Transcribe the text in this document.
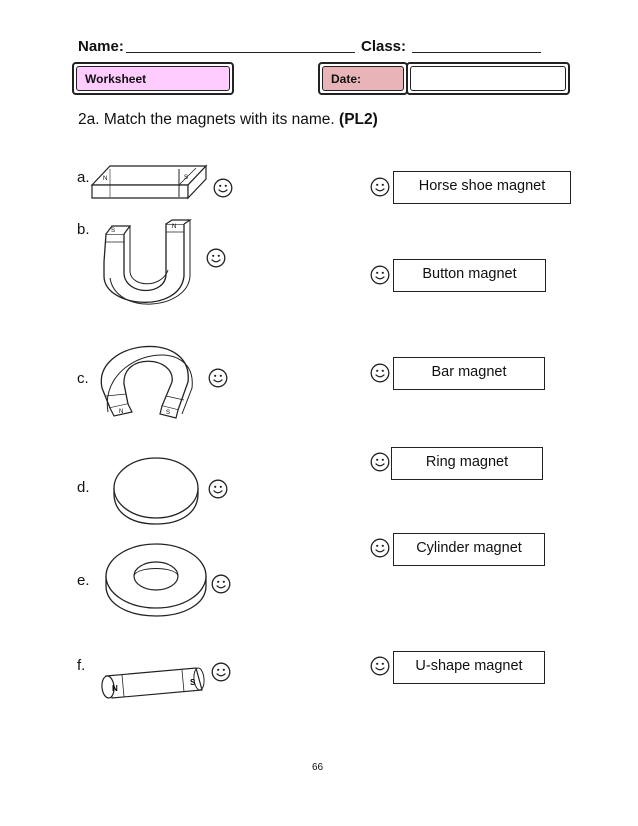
Name:	Class:
Worksheet	Date:
2a. Match the magnets with its name. (PL2)
a.
b.
c.
d.
e.
f.
N	S
S
N
N	S
N
S
Horse shoe magnet
Button magnet
Bar magnet
Ring magnet
Cylinder magnet
U-shape magnet
66
